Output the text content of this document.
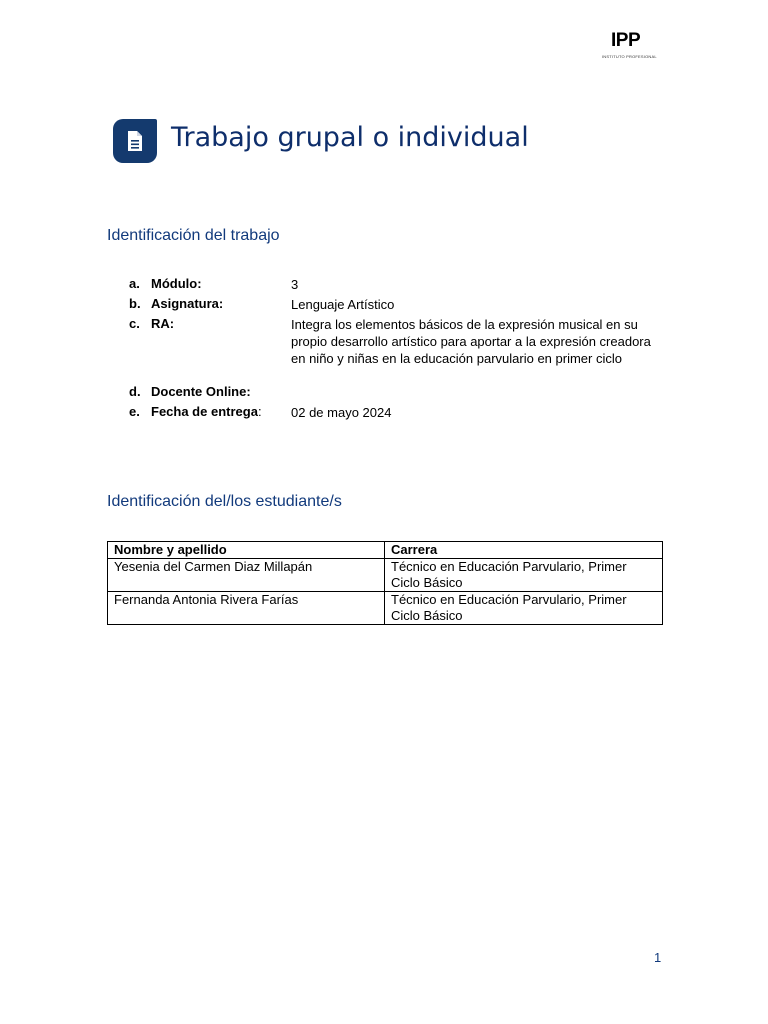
IPP
INSTITUTO PROFESIONAL
Trabajo grupal o individual
Identificación del trabajo
a. Módulo:	3
b. Asignatura:	Lenguaje Artístico
c. RA:	Integra los elementos básicos de la expresión musical en su propio desarrollo artístico para aportar a la expresión creadora en niño y niñas en la educación parvulario en primer ciclo
d. Docente Online:
e. Fecha de entrega:	02 de mayo 2024
Identificación del/los estudiante/s
Nombre y apellido	Carrera
Yesenia del Carmen Diaz Millapán	Técnico en Educación Parvulario, Primer Ciclo Básico
Fernanda Antonia Rivera Farías	Técnico en Educación Parvulario, Primer Ciclo Básico
1
